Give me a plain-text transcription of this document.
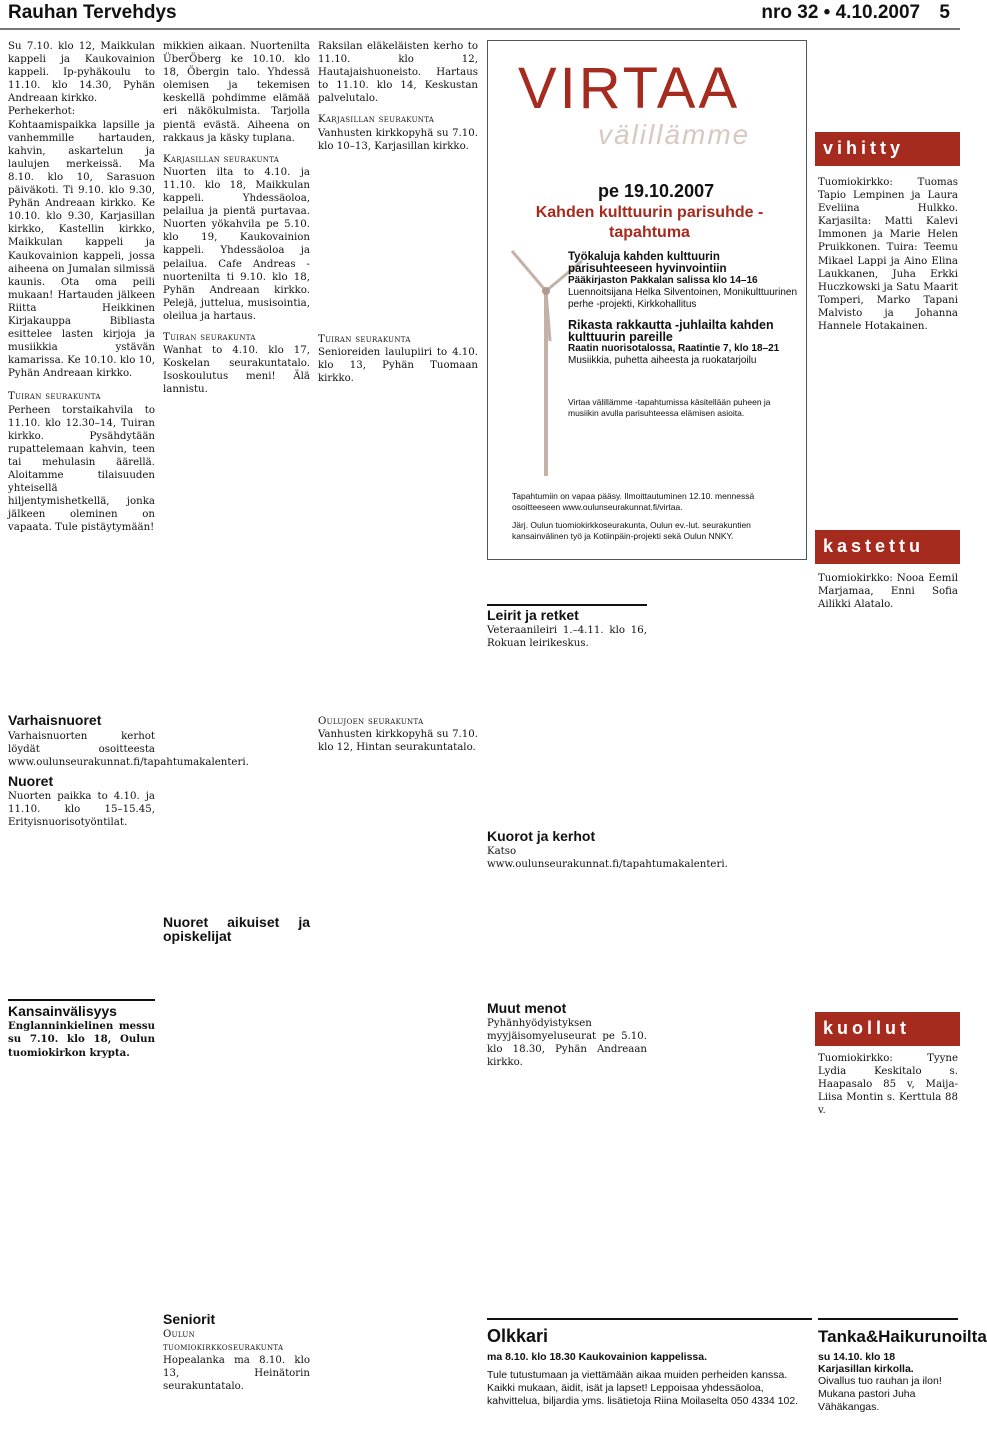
Rauhan Tervehdys	nro 32 • 4.10.2007 5

Su 7.10. klo 12, Maikkulan kappeli ja Kaukovainion kappeli. Ip-pyhäkoulu to 11.10. klo 14.30, Pyhän Andreaan kirkko.

Perhekerhot: Kohtaamispaikka lapsille ja vanhemmille hartauden, kahvin, askartelun ja laulujen merkeissä. Ma 8.10. klo 10, Sarasuon päiväkoti. Ti 9.10. klo 9.30, Pyhän Andreaan kirkko. Ke 10.10. klo 9.30, Karjasillan kirkko, Kastellin kirkko, Maikkulan kappeli ja Kaukovainion kappeli, jossa aiheena on Jumalan silmissä kaunis. Ota oma peili mukaan! Hartauden jälkeen Riitta Heikkinen Kirjakauppa Bibliasta esittelee lasten kirjoja ja musiikkia ystävän kamarissa. Ke 10.10. klo 10, Pyhän Andreaan kirkko.

Tuiran seurakunta

Perheen torstaikahvila to 11.10. klo 12.30–14, Tuiran kirkko. Pysähdytään rupattelemaan kahvin, teen tai mehulasin äärellä. Aloitamme tilaisuuden yhteisellä hiljentymishetkellä, jonka jälkeen oleminen on vapaata. Tule pistäytymään!

Varhaisnuoret

Varhaisnuorten kerhot löydät osoitteesta www.oulunseurakunnat.fi/tapahtumakalenteri.

Nuoret

Nuorten paikka to 4.10. ja 11.10. klo 15–15.45, Erityisnuorisotyöntilat.

Kansainvälisyys

Englanninkielinen messu su 7.10. klo 18, Oulun tuomiokirkon krypta.

mikkien aikaan. Nuortenilta ÜberÖberg ke 10.10. klo 18, Öbergin talo. Yhdessä olemisen ja tekemisen keskellä pohdimme elämää eri näkökulmista. Tarjolla pientä evästä. Aiheena on rakkaus ja käsky tuplana.

Karjasillan seurakunta

Nuorten ilta to 4.10. ja 11.10. klo 18, Maikkulan kappeli. Yhdessäoloa, pelailua ja pientä purtavaa. Nuorten yökahvila pe 5.10. klo 19, Kaukovainion kappeli. Yhdessäoloa ja pelailua. Cafe Andreas -nuortenilta ti 9.10. klo 18, Pyhän Andreaan kirkko. Pelejä, juttelua, musisointia, oleilua ja hartaus.

Tuiran seurakunta

Wanhat to 4.10. klo 17, Koskelan seurakuntatalo. Isoskoulutus meni! Älä lannistu.

Nuoret aikuiset ja opiskelijat
Seniorit

Oulun tuomiokirkkoseurakunta

Hopealanka ma 8.10. klo 13, Heinätorin seurakuntatalo.

Raksilan eläkeläisten kerho to 11.10. klo 12, Hautajaishuoneisto. Hartaus to 11.10. klo 14, Keskustan palvelutalo.

Karjasillan seurakunta

Vanhusten kirkkopyhä su 7.10. klo 10–13, Karjasillan kirkko.

Tuiran seurakunta

Senioreiden laulupiiri to 4.10. klo 13, Pyhän Tuomaan kirkko.

Oulujoen seurakunta

Vanhusten kirkkopyhä su 7.10. klo 12, Hintan seurakuntatalo.

VIRTAA
välillämme
pe 19.10.2007
Kahden kulttuurin parisuhde -tapahtuma

Työkaluja kahden kulttuurin parisuhteeseen hyvinvointiin

Pääkirjaston Pakkalan salissa klo 14–16

Luennoitsijana Helka Silventoinen, Monikulttuurinen perhe -projekti, Kirkkohallitus

Rikasta rakkautta -juhlailta kahden kulttuurin pareille

Raatin nuorisotalossa, Raatintie 7, klo 18–21

Musiikkia, puhetta aiheesta ja ruokatarjoilu

Virtaa välillämme -tapahtumissa käsitellään puheen ja musiikin avulla parisuhteessa elämisen asioita.

Tapahtumiin on vapaa pääsy. Ilmoittautuminen 12.10. mennessä osoitteeseen www.oulunseurakunnat.fi/virtaa.

Järj. Oulun tuomiokirkkoseurakunta, Oulun ev.-lut. seurakuntien kansainvälinen työ ja Kotiinpäin-projekti sekä Oulun NNKY.

Leirit ja retket

Veteraanileiri 1.–4.11. klo 16, Rokuan leirikeskus.

Kuorot ja kerhot

Katso www.oulunseurakunnat.fi/tapahtumakalenteri.

Muut menot

Pyhänhyödyistyksen myyjäisomyeluseurat pe 5.10. klo 18.30, Pyhän Andreaan kirkko.

vihitty
Tuomiokirkko: Tuomas Tapio Lempinen ja Laura Eveliina Hulkko. Karjasilta: Matti Kalevi Immonen ja Marie Helen Pruikkonen. Tuira: Teemu Mikael Lappi ja Aino Elina Laukkanen, Juha Erkki Huczkowski ja Satu Maarit Tomperi, Marko Tapani Malvisto ja Johanna Hannele Hotakainen.
kastettu
Tuomiokirkko: Nooa Eemil Marjamaa, Enni Sofia Ailikki Alatalo.
kuollut
Tuomiokirkko: Tyyne Lydia Keskitalo s. Haapasalo 85 v, Maija-Liisa Montin s. Kerttula 88 v.
Olkkari

ma 8.10. klo 18.30 Kaukovainion kappelissa.

Tule tutustumaan ja viettämään aikaa muiden perheiden kanssa. Kaikki mukaan, äidit, isät ja lapset! Leppoisaa yhdessäoloa, kahvittelua, biljardia yms. lisätietoja Riina Moilaselta 050 4334 102.

Tanka&Haikurunoilta

su 14.10. klo 18

Karjasillan kirkolla.

Oivallus tuo rauhan ja ilon! Mukana pastori Juha Vähäkangas.
